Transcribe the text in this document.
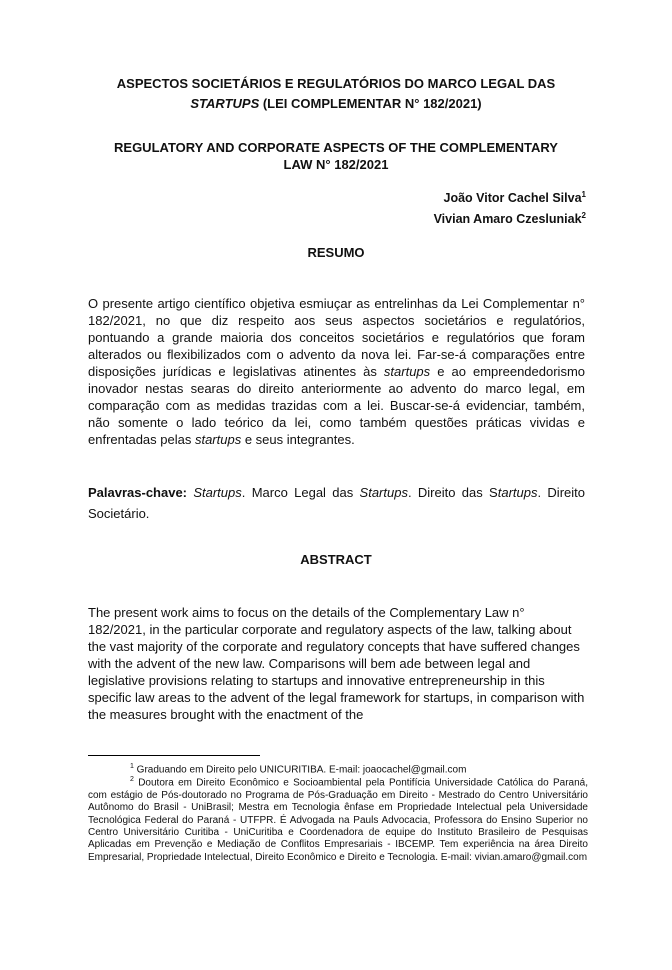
ASPECTOS SOCIETÁRIOS E REGULATÓRIOS DO MARCO LEGAL DAS
STARTUPS (LEI COMPLEMENTAR N° 182/2021)
REGULATORY AND CORPORATE ASPECTS OF THE COMPLEMENTARY
LAW N° 182/2021
João Vitor Cachel Silva$^1$
Vivian Amaro Czesluniak$^2$
RESUMO
O presente artigo científico objetiva esmiuçar as entrelinhas da Lei Complementar n° 182/2021, no que diz respeito aos seus aspectos societários e regulatórios, pontuando a grande maioria dos conceitos societários e regulatórios que foram alterados ou flexibilizados com o advento da nova lei. Far-se-á comparações entre disposições jurídicas e legislativas atinentes às startups e ao empreendedorismo inovador nestas searas do direito anteriormente ao advento do marco legal, em comparação com as medidas trazidas com a lei. Buscar-se-á evidenciar, também, não somente o lado teórico da lei, como também questões práticas vividas e enfrentadas pelas startups e seus integrantes.
Palavras-chave: Startups. Marco Legal das Startups. Direito das Startups. Direito Societário.
ABSTRACT
The present work aims to focus on the details of the Complementary Law n° 182/2021, in the particular corporate and regulatory aspects of the law, talking about the vast majority of the corporate and regulatory concepts that have suffered changes with the advent of the new law. Comparisons will bem ade between legal and legislative provisions relating to startups and innovative entrepreneurship in this specific law areas to the advent of the legal framework for startups, in comparison with the measures brought with the enactment of the
$^1$ Graduando em Direito pelo UNICURITIBA. E-mail: joaocachel@gmail.com
$^2$ Doutora em Direito Econômico e Socioambiental pela Pontifícia Universidade Católica do Paraná, com estágio de Pós-doutorado no Programa de Pós-Graduação em Direito - Mestrado do Centro Universitário Autônomo do Brasil - UniBrasil; Mestra em Tecnologia ênfase em Propriedade Intelectual pela Universidade Tecnológica Federal do Paraná - UTFPR. É Advogada na Pauls Advocacia, Professora do Ensino Superior no Centro Universitário Curitiba - UniCuritiba e Coordenadora de equipe do Instituto Brasileiro de Pesquisas Aplicadas em Prevenção e Mediação de Conflitos Empresariais - IBCEMP. Tem experiência na área Direito Empresarial, Propriedade Intelectual, Direito Econômico e Direito e Tecnologia. E-mail: vivian.amaro@gmail.com
